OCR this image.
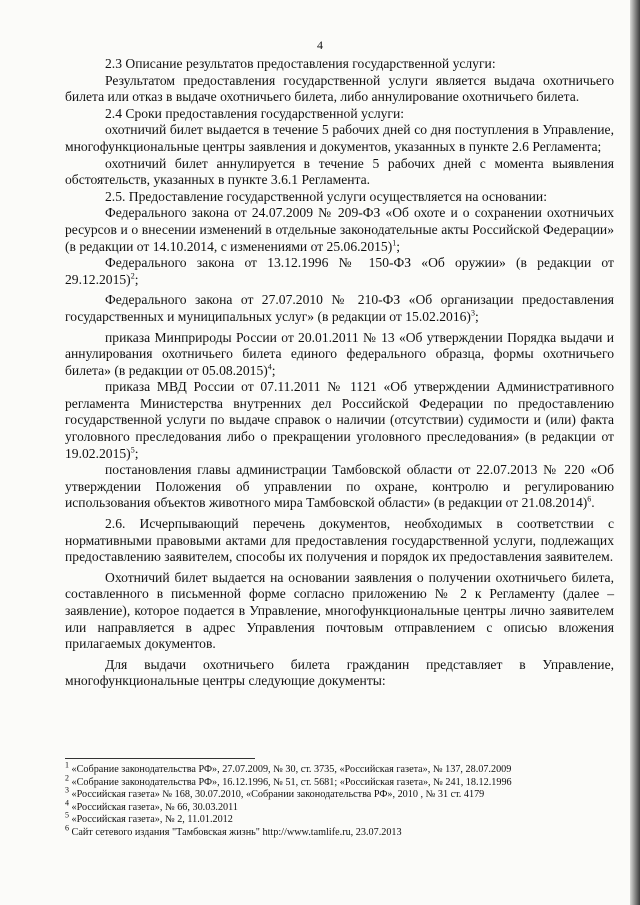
4

2.3 Описание результатов предоставления государственной услуги:

Результатом предоставления государственной услуги является выдача охотничьего билета или отказ в выдаче охотничьего билета, либо аннулирование охотничьего билета.

2.4 Сроки предоставления государственной услуги:

охотничий билет выдается в течение 5 рабочих дней со дня поступления в Управление, многофункциональные центры заявления и документов, указанных в пункте 2.6 Регламента;

охотничий билет аннулируется в течение 5 рабочих дней с момента выявления обстоятельств, указанных в пункте 3.6.1 Регламента.

2.5. Предоставление государственной услуги осуществляется на основании:

Федерального закона от 24.07.2009 № 209-ФЗ «Об охоте и о сохранении охотничьих ресурсов и о внесении изменений в отдельные законодательные акты Российской Федерации» (в редакции от 14.10.2014, с изменениями от 25.06.2015)$^1$;

Федерального закона от 13.12.1996 № 150-ФЗ «Об оружии» (в редакции от 29.12.2015)$^2$;

Федерального закона от 27.07.2010 № 210-ФЗ «Об организации предоставления государственных и муниципальных услуг» (в редакции от 15.02.2016)$^3$;

приказа Минприроды России от 20.01.2011 № 13 «Об утверждении Порядка выдачи и аннулирования охотничьего билета единого федерального образца, формы охотничьего билета» (в редакции от 05.08.2015)$^4$;

приказа МВД России от 07.11.2011 № 1121 «Об утверждении Административного регламента Министерства внутренних дел Российской Федерации по предоставлению государственной услуги по выдаче справок о наличии (отсутствии) судимости и (или) факта уголовного преследования либо о прекращении уголовного преследования» (в редакции от 19.02.2015)$^5$;

постановления главы администрации Тамбовской области от 22.07.2013 № 220 «Об утверждении Положения об управлении по охране, контролю и регулированию использования объектов животного мира Тамбовской области» (в редакции от 21.08.2014)$^6$.

2.6. Исчерпывающий перечень документов, необходимых в соответствии с нормативными правовыми актами для предоставления государственной услуги, подлежащих предоставлению заявителем, способы их получения и порядок их предоставления заявителем.

Охотничий билет выдается на основании заявления о получении охотничьего билета, составленного в письменной форме согласно приложению № 2 к Регламенту (далее – заявление), которое подается в Управление, многофункциональные центры лично заявителем или направляется в адрес Управления почтовым отправлением с описью вложения прилагаемых документов.

Для выдачи охотничьего билета гражданин представляет в Управление, многофункциональные центры следующие документы:

$^1$ «Собрание законодательства РФ», 27.07.2009, № 30, ст. 3735, «Российская газета», № 137, 28.07.2009
$^2$ «Собрание законодательства РФ», 16.12.1996, № 51, ст. 5681; «Российская газета», № 241, 18.12.1996
$^3$ «Российская газета» № 168, 30.07.2010, «Собрании законодательства РФ», 2010 , № 31 ст. 4179
$^4$ «Российская газета», № 66, 30.03.2011
$^5$ «Российская газета», № 2, 11.01.2012
$^6$ Сайт сетевого издания "Тамбовская жизнь" http://www.tamlife.ru, 23.07.2013
